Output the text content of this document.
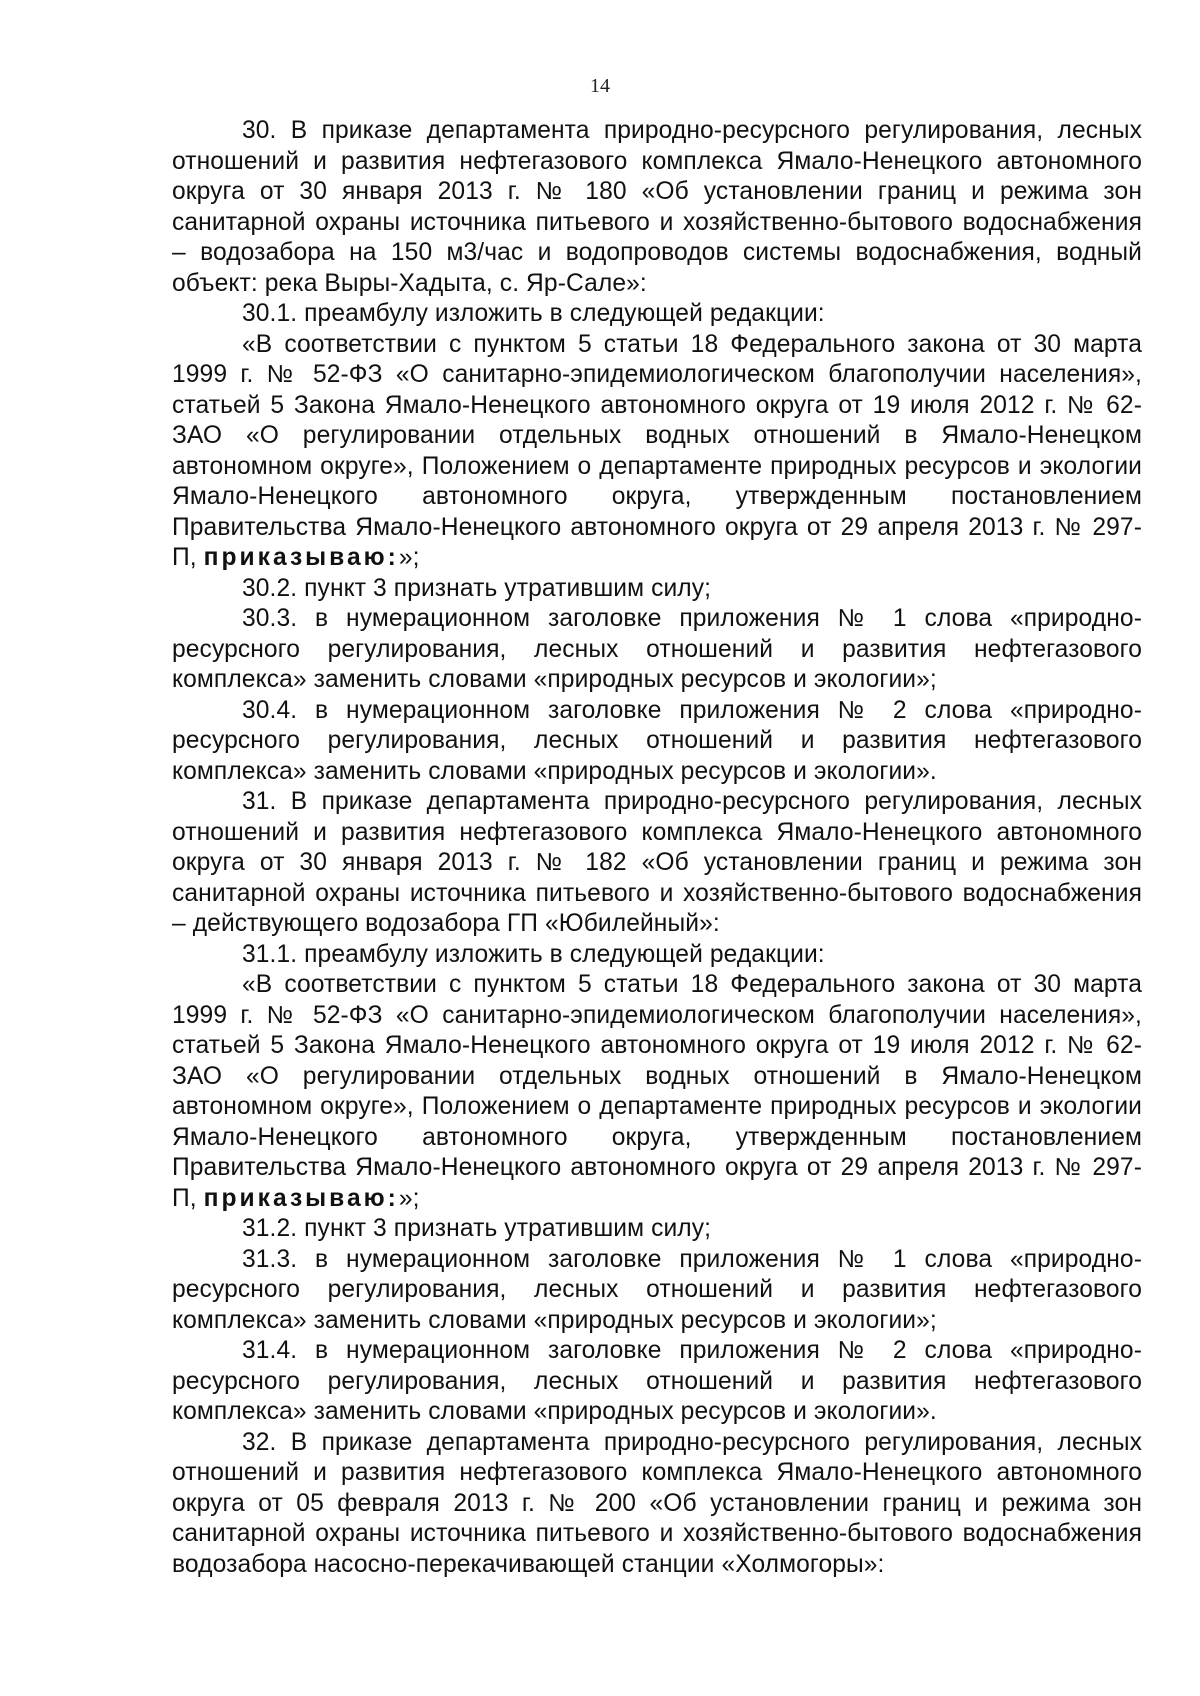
14

30. В приказе департамента природно-ресурсного регулирования, лесных отношений и развития нефтегазового комплекса Ямало-Ненецкого автономного округа от 30 января 2013 г. № 180 «Об установлении границ и режима зон санитарной охраны источника питьевого и хозяйственно-бытового водоснабжения – водозабора на 150 м3/час и водопроводов системы водоснабжения, водный объект: река Выры-Хадыта, с. Яр-Сале»:

30.1. преамбулу изложить в следующей редакции:

«В соответствии с пунктом 5 статьи 18 Федерального закона от 30 марта 1999 г. № 52-ФЗ «О санитарно-эпидемиологическом благополучии населения», статьей 5 Закона Ямало-Ненецкого автономного округа от 19 июля 2012 г. № 62-ЗАО «О регулировании отдельных водных отношений в Ямало-Ненецком автономном округе», Положением о департаменте природных ресурсов и экологии Ямало-Ненецкого автономного округа, утвержденным постановлением Правительства Ямало-Ненецкого автономного округа от 29 апреля 2013 г. № 297-П, приказываю:»;

30.2. пункт 3 признать утратившим силу;

30.3. в нумерационном заголовке приложения № 1 слова «природно-ресурсного регулирования, лесных отношений и развития нефтегазового комплекса» заменить словами «природных ресурсов и экологии»;

30.4. в нумерационном заголовке приложения № 2 слова «природно-ресурсного регулирования, лесных отношений и развития нефтегазового комплекса» заменить словами «природных ресурсов и экологии».

31. В приказе департамента природно-ресурсного регулирования, лесных отношений и развития нефтегазового комплекса Ямало-Ненецкого автономного округа от 30 января 2013 г. № 182 «Об установлении границ и режима зон санитарной охраны источника питьевого и хозяйственно-бытового водоснабжения – действующего водозабора ГП «Юбилейный»:

31.1. преамбулу изложить в следующей редакции:

«В соответствии с пунктом 5 статьи 18 Федерального закона от 30 марта 1999 г. № 52-ФЗ «О санитарно-эпидемиологическом благополучии населения», статьей 5 Закона Ямало-Ненецкого автономного округа от 19 июля 2012 г. № 62-ЗАО «О регулировании отдельных водных отношений в Ямало-Ненецком автономном округе», Положением о департаменте природных ресурсов и экологии Ямало-Ненецкого автономного округа, утвержденным постановлением Правительства Ямало-Ненецкого автономного округа от 29 апреля 2013 г. № 297-П, приказываю:»;

31.2. пункт 3 признать утратившим силу;

31.3. в нумерационном заголовке приложения № 1 слова «природно-ресурсного регулирования, лесных отношений и развития нефтегазового комплекса» заменить словами «природных ресурсов и экологии»;

31.4. в нумерационном заголовке приложения № 2 слова «природно-ресурсного регулирования, лесных отношений и развития нефтегазового комплекса» заменить словами «природных ресурсов и экологии».

32. В приказе департамента природно-ресурсного регулирования, лесных отношений и развития нефтегазового комплекса Ямало-Ненецкого автономного округа от 05 февраля 2013 г. № 200 «Об установлении границ и режима зон санитарной охраны источника питьевого и хозяйственно-бытового водоснабжения водозабора насосно-перекачивающей станции «Холмогоры»:
